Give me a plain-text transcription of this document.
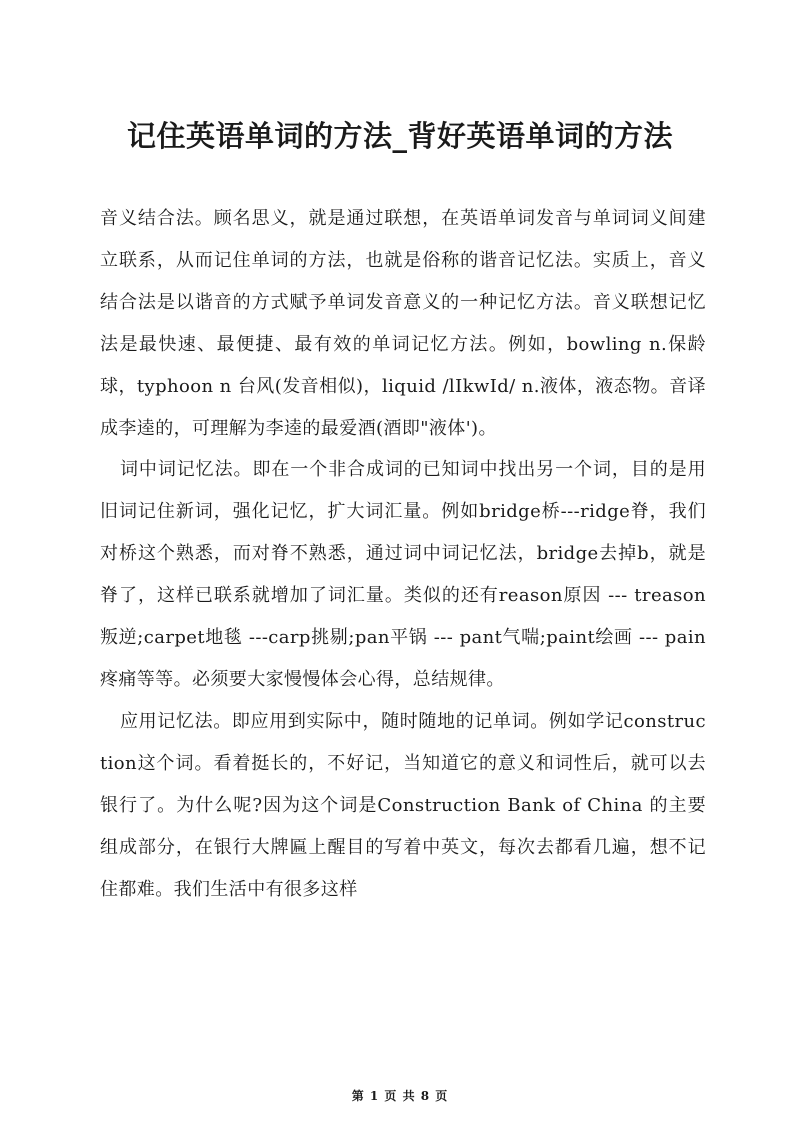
记住英语单词的方法_背好英语单词的方法

音义结合法。顾名思义，就是通过联想，在英语单词发音与单词词义间建立联系，从而记住单词的方法，也就是俗称的谐音记忆法。实质上，音义结合法是以谐音的方式赋予单词发音意义的一种记忆方法。音义联想记忆法是最快速、最便捷、最有效的单词记忆方法。例如，bowling n.保龄球，typhoon n 台风(发音相似)，liquid /lIkwId/ n.液体，液态物。音译成李逵的，可理解为李逵的最爱酒(酒即"液体')。

词中词记忆法。即在一个非合成词的已知词中找出另一个词，目的是用旧词记住新词，强化记忆，扩大词汇量。例如bridge桥---ridge脊，我们对桥这个熟悉，而对脊不熟悉，通过词中词记忆法，bridge去掉b，就是脊了，这样已联系就增加了词汇量。类似的还有reason原因 --- treason叛逆;carpet地毯 ---carp挑剔;pan平锅 --- pant气喘;paint绘画 --- pain疼痛等等。必须要大家慢慢体会心得，总结规律。

应用记忆法。即应用到实际中，随时随地的记单词。例如学记construction这个词。看着挺长的，不好记，当知道它的意义和词性后，就可以去银行了。为什么呢?因为这个词是Construction Bank of China 的主要组成部分，在银行大牌匾上醒目的写着中英文，每次去都看几遍，想不记住都难。我们生活中有很多这样

第 1 页 共 8 页
